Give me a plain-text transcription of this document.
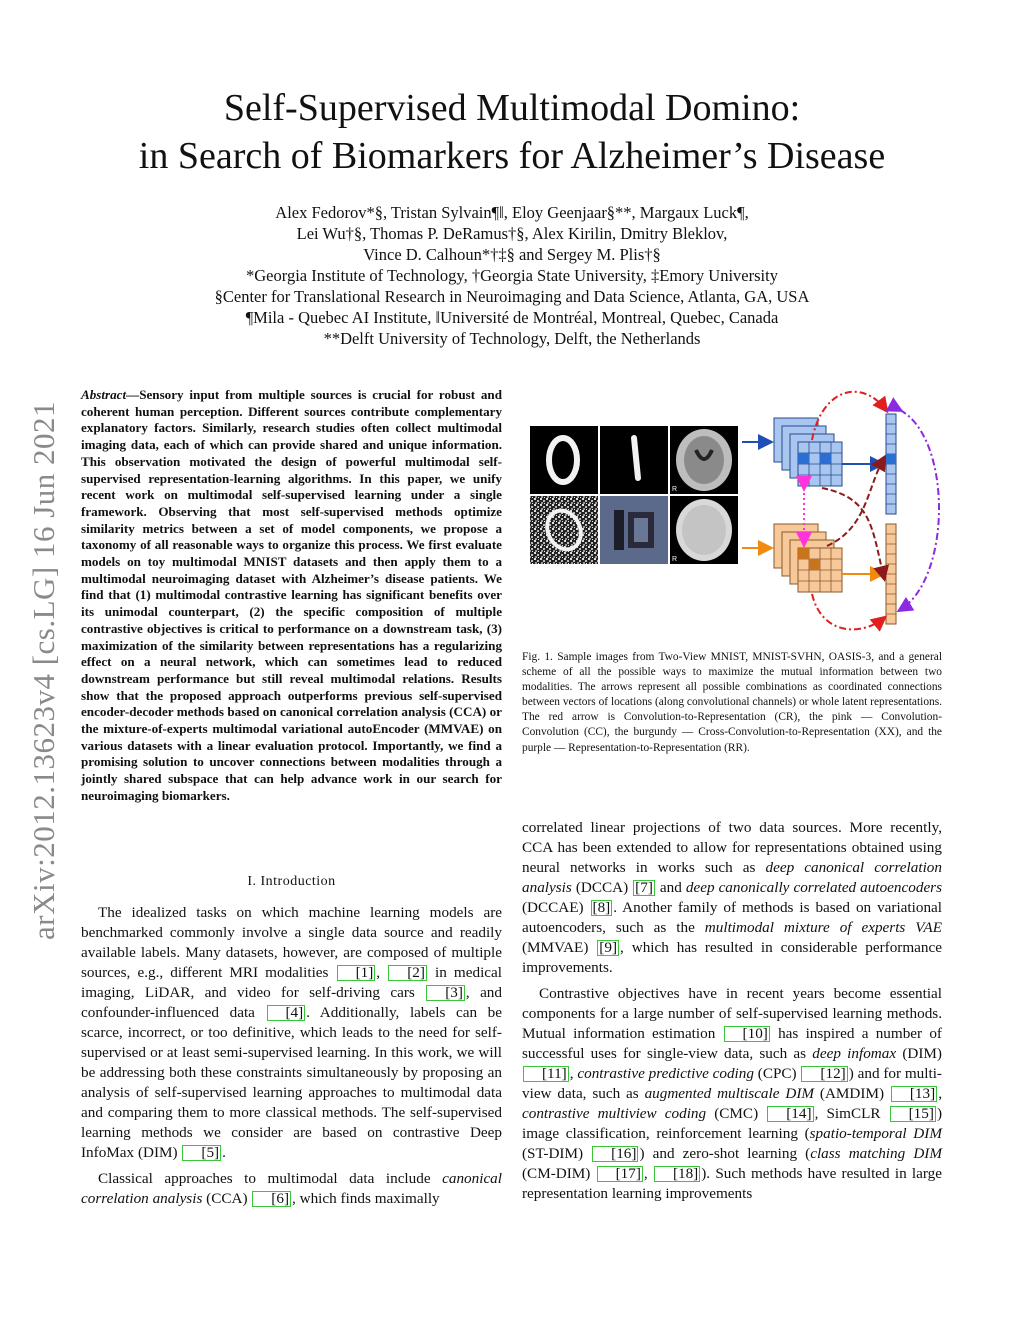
arXiv:2012.13623v4 [cs.LG] 16 Jun 2021
Self-Supervised Multimodal Domino:
in Search of Biomarkers for Alzheimer’s Disease
Alex Fedorov*§, Tristan Sylvain¶‖, Eloy Geenjaar§**, Margaux Luck¶,
Lei Wu†§, Thomas P. DeRamus†§, Alex Kirilin, Dmitry Bleklov,
Vince D. Calhoun*†‡§ and Sergey M. Plis†§
*Georgia Institute of Technology, †Georgia State University, ‡Emory University
§Center for Translational Research in Neuroimaging and Data Science, Atlanta, GA, USA
¶Mila - Quebec AI Institute, ‖Université de Montréal, Montreal, Quebec, Canada
**Delft University of Technology, Delft, the Netherlands
Abstract—Sensory input from multiple sources is crucial for robust and coherent human perception. Different sources contribute complementary explanatory factors. Similarly, research studies often collect multimodal imaging data, each of which can provide shared and unique information. This observation motivated the design of powerful multimodal self-supervised representation-learning algorithms. In this paper, we unify recent work on multimodal self-supervised learning under a single framework. Observing that most self-supervised methods optimize similarity metrics between a set of model components, we propose a taxonomy of all reasonable ways to organize this process. We first evaluate models on toy multimodal MNIST datasets and then apply them to a multimodal neuroimaging dataset with Alzheimer’s disease patients. We find that (1) multimodal contrastive learning has significant benefits over its unimodal counterpart, (2) the specific composition of multiple contrastive objectives is critical to performance on a downstream task, (3) maximization of the similarity between representations has a regularizing effect on a neural network, which can sometimes lead to reduced downstream performance but still reveal multimodal relations. Results show that the proposed approach outperforms previous self-supervised encoder-decoder methods based on canonical correlation analysis (CCA) or the mixture-of-experts multimodal variational autoEncoder (MMVAE) on various datasets with a linear evaluation protocol. Importantly, we find a promising solution to uncover connections between modalities through a jointly shared subspace that can help advance work in our search for neuroimaging biomarkers.
I. Introduction

The idealized tasks on which machine learning models are benchmarked commonly involve a single data source and readily available labels. Many datasets, however, are composed of multiple sources, e.g., different MRI modalities [1] , [2] in medical imaging, LiDAR, and video for self-driving cars [3] , and confounder-influenced data [4] . Additionally, labels can be scarce, incorrect, or too definitive, which leads to the need for self-supervised or at least semi-supervised learning. In this work, we will be addressing both these constraints simultaneously by proposing an analysis of self-supervised learning approaches to multimodal data and comparing them to more classical methods. The self-supervised learning methods we consider are based on contrastive Deep InfoMax (DIM) [5] .

Classical approaches to multimodal data include canonical correlation analysis (CCA) [6] , which finds maximally

correlated linear projections of two data sources. More recently, CCA has been extended to allow for representations obtained using neural networks in works such as deep canonical correlation analysis (DCCA) [7] and deep canonically correlated autoencoders (DCCAE) [8] . Another family of methods is based on variational autoencoders, such as the multimodal mixture of experts VAE (MMVAE) [9] , which has resulted in considerable performance improvements.

Contrastive objectives have in recent years become essential components for a large number of self-supervised learning methods. Mutual information estimation [10] has inspired a number of successful uses for single-view data, such as deep infomax (DIM) [11] , contrastive predictive coding (CPC) [12] ) and for multi-view data, such as augmented multiscale DIM (AMDIM) [13] , contrastive multiview coding (CMC) [14] , SimCLR [15] ) image classification, reinforcement learning (spatio-temporal DIM (ST-DIM) [16] ) and zero-shot learning (class matching DIM (CM-DIM) [17] , [18] ). Such methods have resulted in large representation learning improvements

R
R
Fig. 1. Sample images from Two-View MNIST, MNIST-SVHN, OASIS-3, and a general scheme of all the possible ways to maximize the mutual information between two modalities. The arrows represent all possible combinations as coordinated connections between vectors of locations (along convolutional channels) or whole latent representations. The red arrow is Convolution-to-Representation (CR), the pink — Convolution-Convolution (CC), the burgundy — Cross-Convolution-to-Representation (XX), and the purple — Representation-to-Representation (RR).
